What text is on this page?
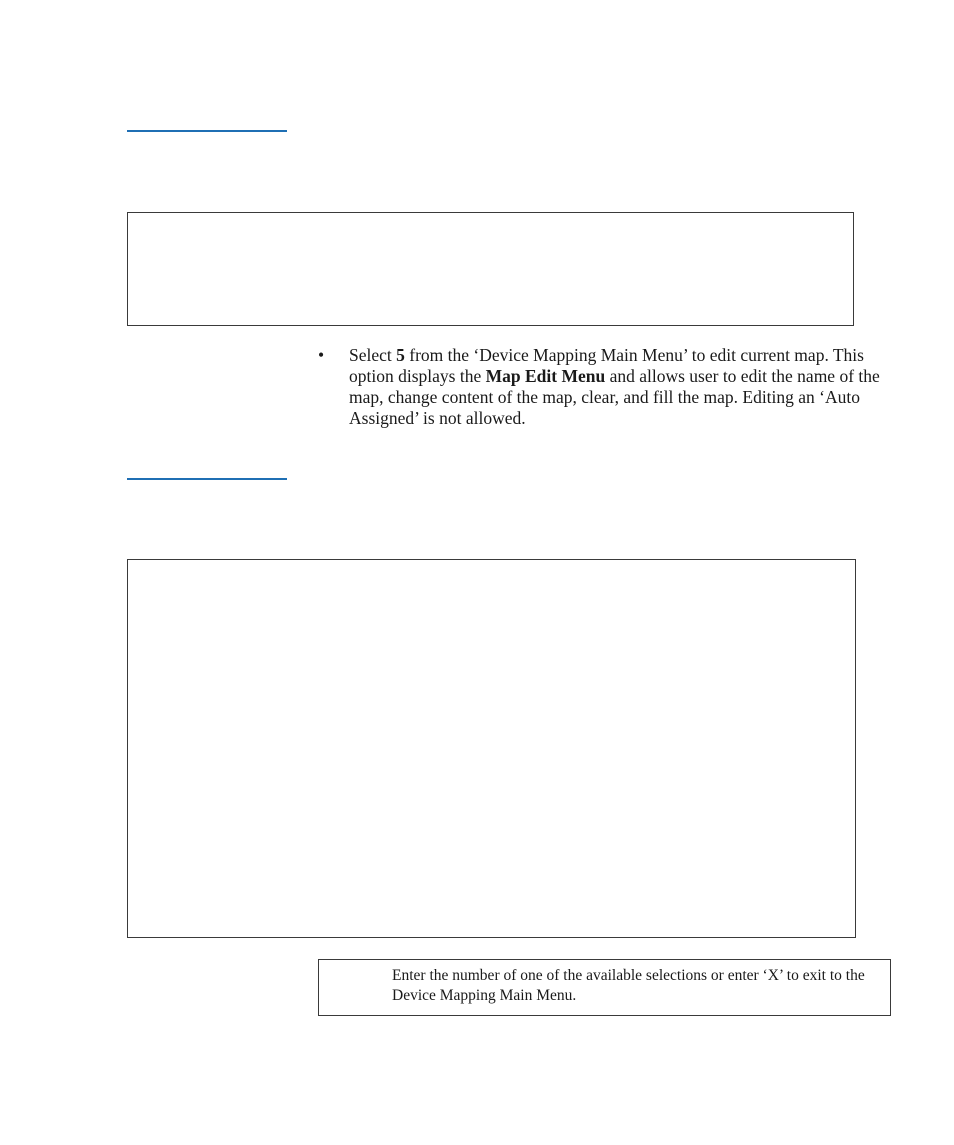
•	Select 5 from the ‘Device Mapping Main Menu’ to edit current map. This option displays the Map Edit Menu and allows user to edit the name of the map, change content of the map, clear, and fill the map. Editing an ‘Auto Assigned’ is not allowed.
Enter the number of one of the available selections or enter ‘X’ to exit to the Device Mapping Main Menu.
